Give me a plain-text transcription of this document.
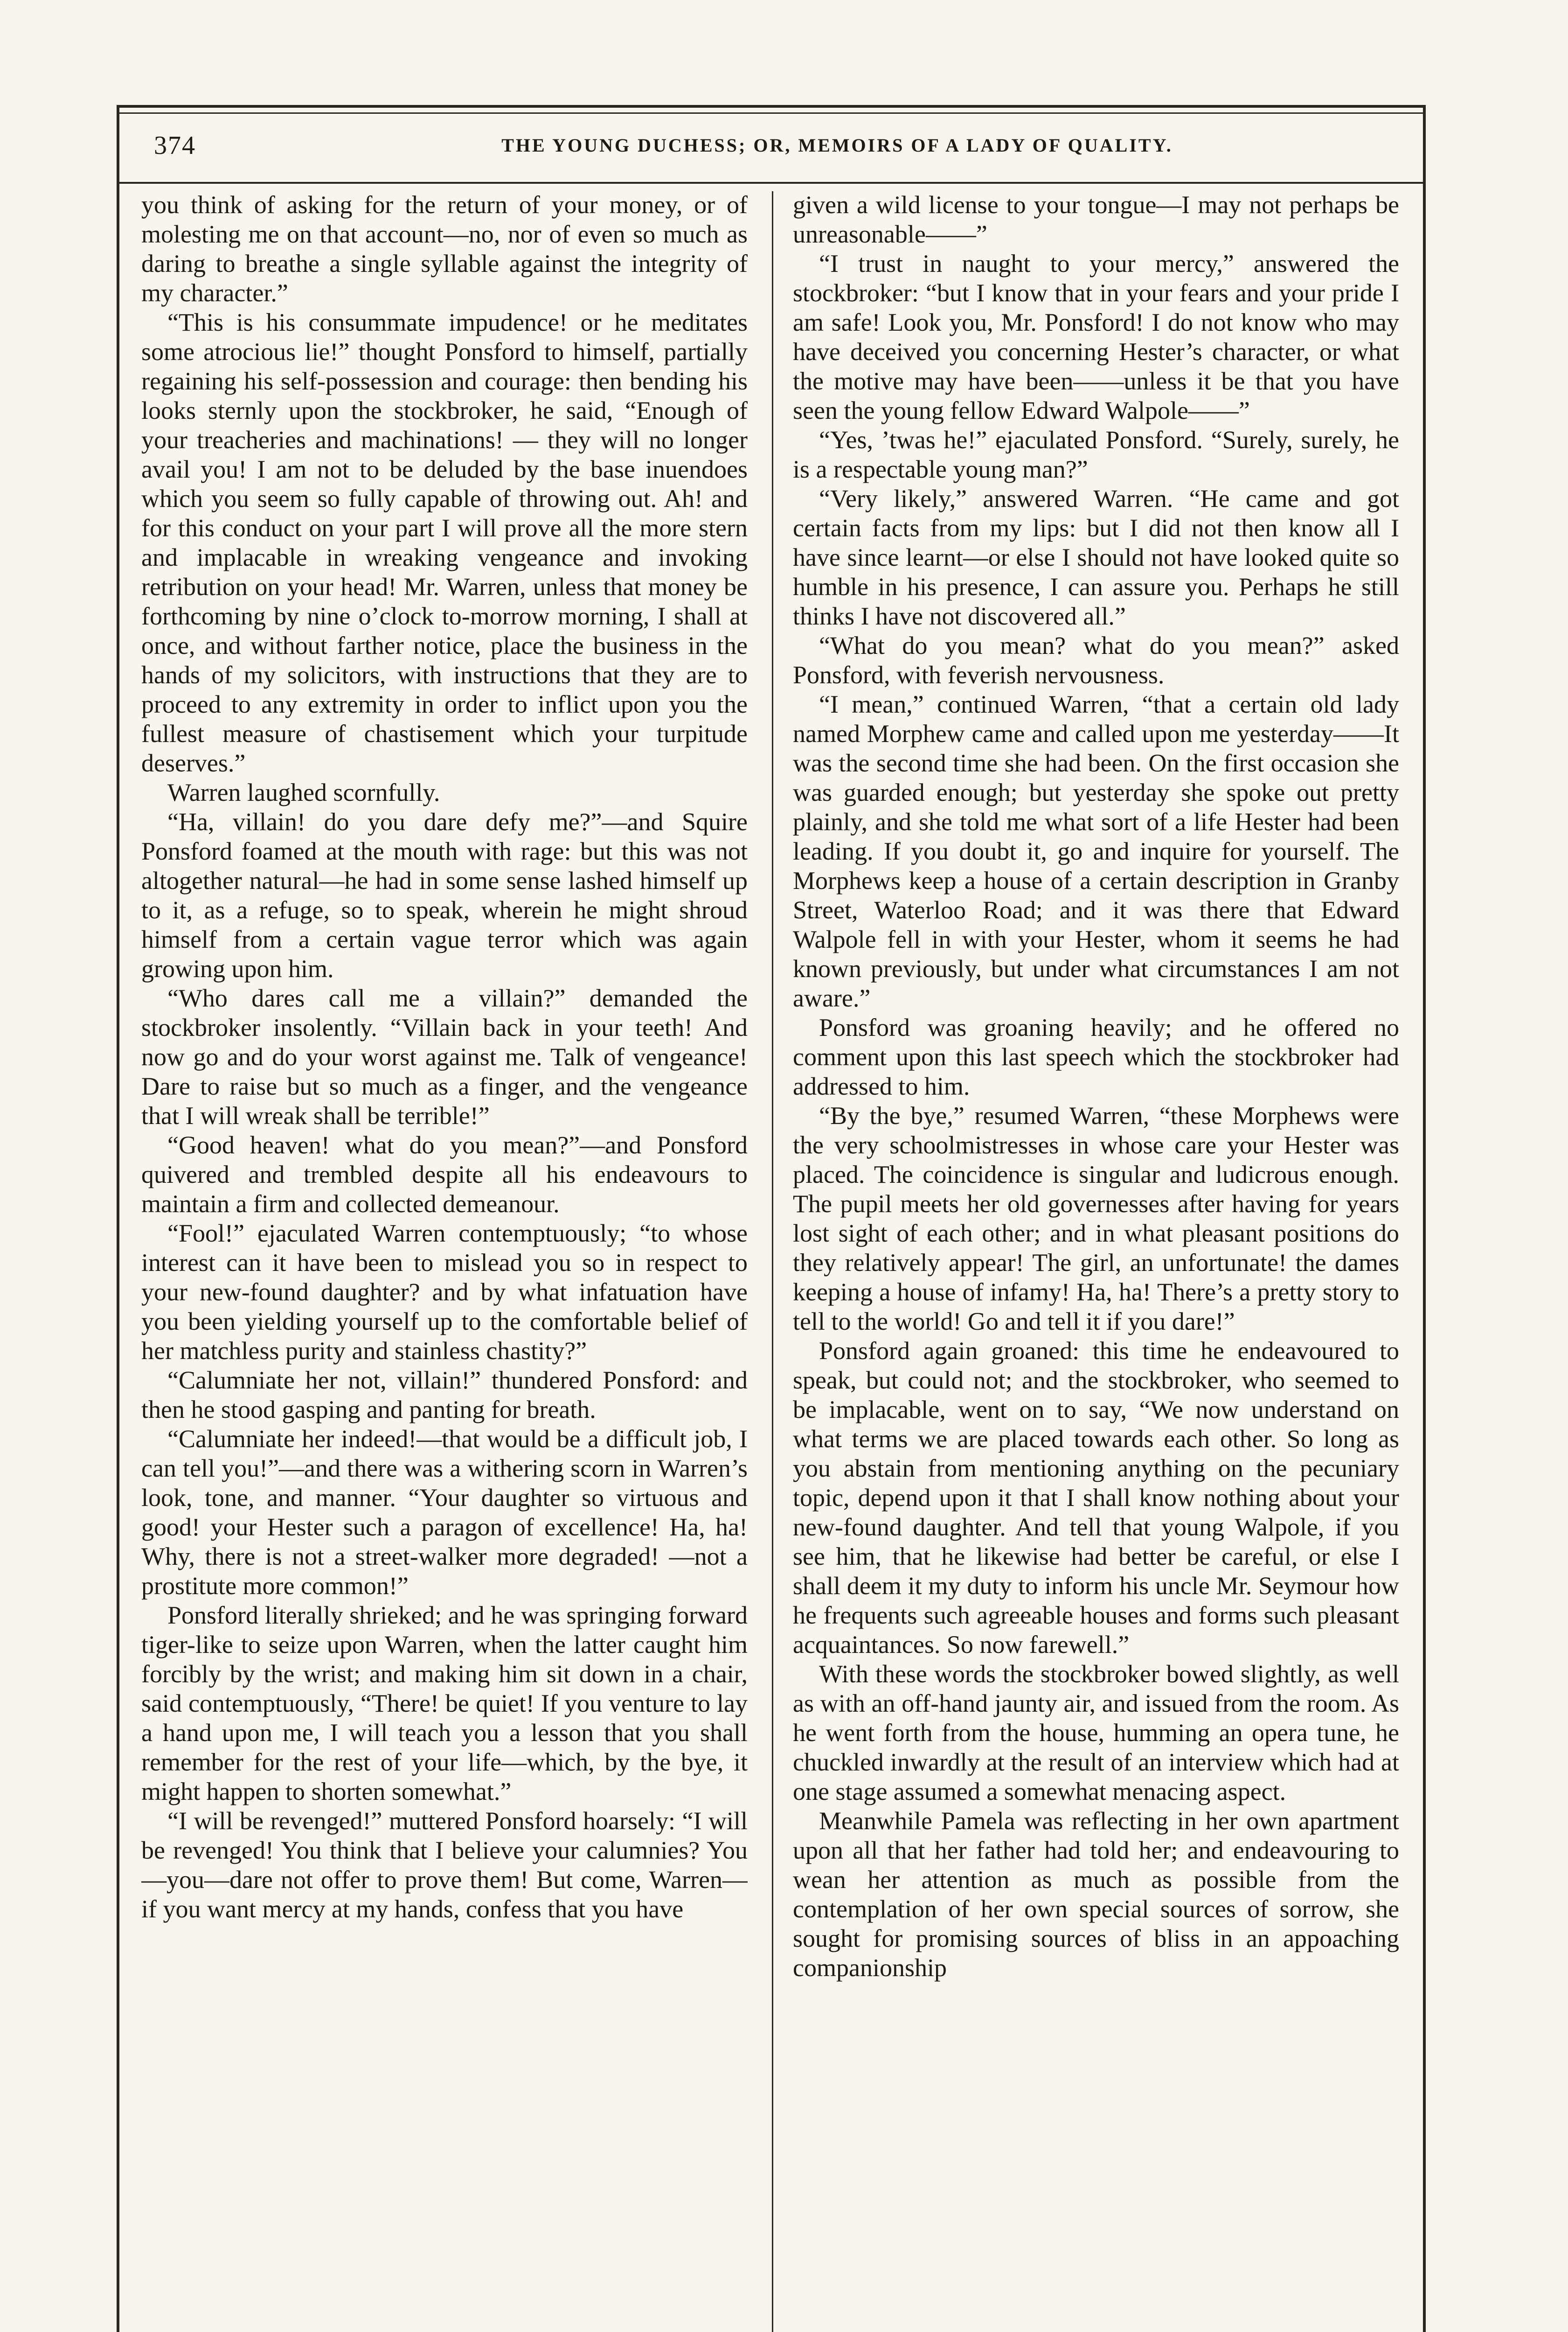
374	THE YOUNG DUCHESS; OR, MEMOIRS OF A LADY OF QUALITY.

you think of asking for the return of your money, or of molesting me on that account—no, nor of even so much as daring to breathe a single syllable against the integrity of my character.”

“This is his consummate impudence! or he meditates some atrocious lie!” thought Ponsford to himself, partially regaining his self-possession and courage: then bending his looks sternly upon the stockbroker, he said, “Enough of your treacheries and machinations! — they will no longer avail you! I am not to be deluded by the base inuendoes which you seem so fully capable of throwing out. Ah! and for this conduct on your part I will prove all the more stern and implacable in wreaking vengeance and invoking retribution on your head! Mr. Warren, unless that money be forthcoming by nine o’clock to-morrow morning, I shall at once, and without farther notice, place the business in the hands of my solicitors, with instructions that they are to proceed to any extremity in order to inflict upon you the fullest measure of chastisement which your turpitude deserves.”

Warren laughed scornfully.

“Ha, villain! do you dare defy me?”—and Squire Ponsford foamed at the mouth with rage: but this was not altogether natural—he had in some sense lashed himself up to it, as a refuge, so to speak, wherein he might shroud himself from a certain vague terror which was again growing upon him.

“Who dares call me a villain?” demanded the stockbroker insolently. “Villain back in your teeth! And now go and do your worst against me. Talk of vengeance! Dare to raise but so much as a finger, and the vengeance that I will wreak shall be terrible!”

“Good heaven! what do you mean?”—and Ponsford quivered and trembled despite all his endeavours to maintain a firm and collected demeanour.

“Fool!” ejaculated Warren contemptuously; “to whose interest can it have been to mislead you so in respect to your new-found daughter? and by what infatuation have you been yielding yourself up to the comfortable belief of her matchless purity and stainless chastity?”

“Calumniate her not, villain!” thundered Ponsford: and then he stood gasping and panting for breath.

“Calumniate her indeed!—that would be a difficult job, I can tell you!”—and there was a withering scorn in Warren’s look, tone, and manner. “Your daughter so virtuous and good! your Hester such a paragon of excellence! Ha, ha! Why, there is not a street-walker more degraded! —not a prostitute more common!”

Ponsford literally shrieked; and he was springing forward tiger-like to seize upon Warren, when the latter caught him forcibly by the wrist; and making him sit down in a chair, said contemptuously, “There! be quiet! If you venture to lay a hand upon me, I will teach you a lesson that you shall remember for the rest of your life—which, by the bye, it might happen to shorten somewhat.”

“I will be revenged!” muttered Ponsford hoarsely: “I will be revenged! You think that I believe your calumnies? You—you—dare not offer to prove them! But come, Warren—if you want mercy at my hands, confess that you have

given a wild license to your tongue—I may not perhaps be unreasonable——”

“I trust in naught to your mercy,” answered the stockbroker: “but I know that in your fears and your pride I am safe! Look you, Mr. Ponsford! I do not know who may have deceived you concerning Hester’s character, or what the motive may have been——unless it be that you have seen the young fellow Edward Walpole——”

“Yes, ’twas he!” ejaculated Ponsford. “Surely, surely, he is a respectable young man?”

“Very likely,” answered Warren. “He came and got certain facts from my lips: but I did not then know all I have since learnt—or else I should not have looked quite so humble in his presence, I can assure you. Perhaps he still thinks I have not discovered all.”

“What do you mean? what do you mean?” asked Ponsford, with feverish nervousness.

“I mean,” continued Warren, “that a certain old lady named Morphew came and called upon me yesterday——It was the second time she had been. On the first occasion she was guarded enough; but yesterday she spoke out pretty plainly, and she told me what sort of a life Hester had been leading. If you doubt it, go and inquire for yourself. The Morphews keep a house of a certain description in Granby Street, Waterloo Road; and it was there that Edward Walpole fell in with your Hester, whom it seems he had known previously, but under what circumstances I am not aware.”

Ponsford was groaning heavily; and he offered no comment upon this last speech which the stockbroker had addressed to him.

“By the bye,” resumed Warren, “these Morphews were the very schoolmistresses in whose care your Hester was placed. The coincidence is singular and ludicrous enough. The pupil meets her old governesses after having for years lost sight of each other; and in what pleasant positions do they relatively appear! The girl, an unfortunate! the dames keeping a house of infamy! Ha, ha! There’s a pretty story to tell to the world! Go and tell it if you dare!”

Ponsford again groaned: this time he endeavoured to speak, but could not; and the stockbroker, who seemed to be implacable, went on to say, “We now understand on what terms we are placed towards each other. So long as you abstain from mentioning anything on the pecuniary topic, depend upon it that I shall know nothing about your new-found daughter. And tell that young Walpole, if you see him, that he likewise had better be careful, or else I shall deem it my duty to inform his uncle Mr. Seymour how he frequents such agreeable houses and forms such pleasant acquaintances. So now farewell.”

With these words the stockbroker bowed slightly, as well as with an off-hand jaunty air, and issued from the room. As he went forth from the house, humming an opera tune, he chuckled inwardly at the result of an interview which had at one stage assumed a somewhat menacing aspect.

Meanwhile Pamela was reflecting in her own apartment upon all that her father had told her; and endeavouring to wean her attention as much as possible from the contemplation of her own special sources of sorrow, she sought for promising sources of bliss in an appoaching companionship
